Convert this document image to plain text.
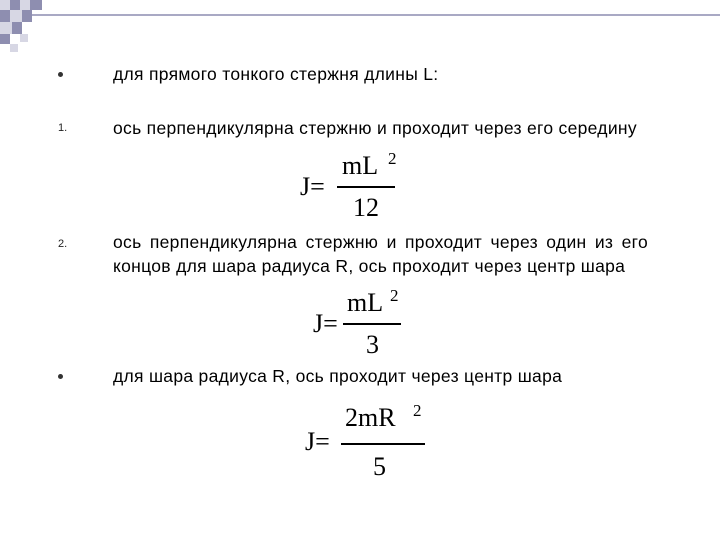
для прямого тонкого стержня длины L:
1.	ось перпендикулярна стержню и проходит через его середину
J=
mL 2
12
2.	ось перпендикулярна стержню и проходит через один из его концов для шара радиуса R, ось проходит через центр шара
J=
mL 2
3
для шара радиуса R, ось проходит через центр шара
J=
2mR 2
5
